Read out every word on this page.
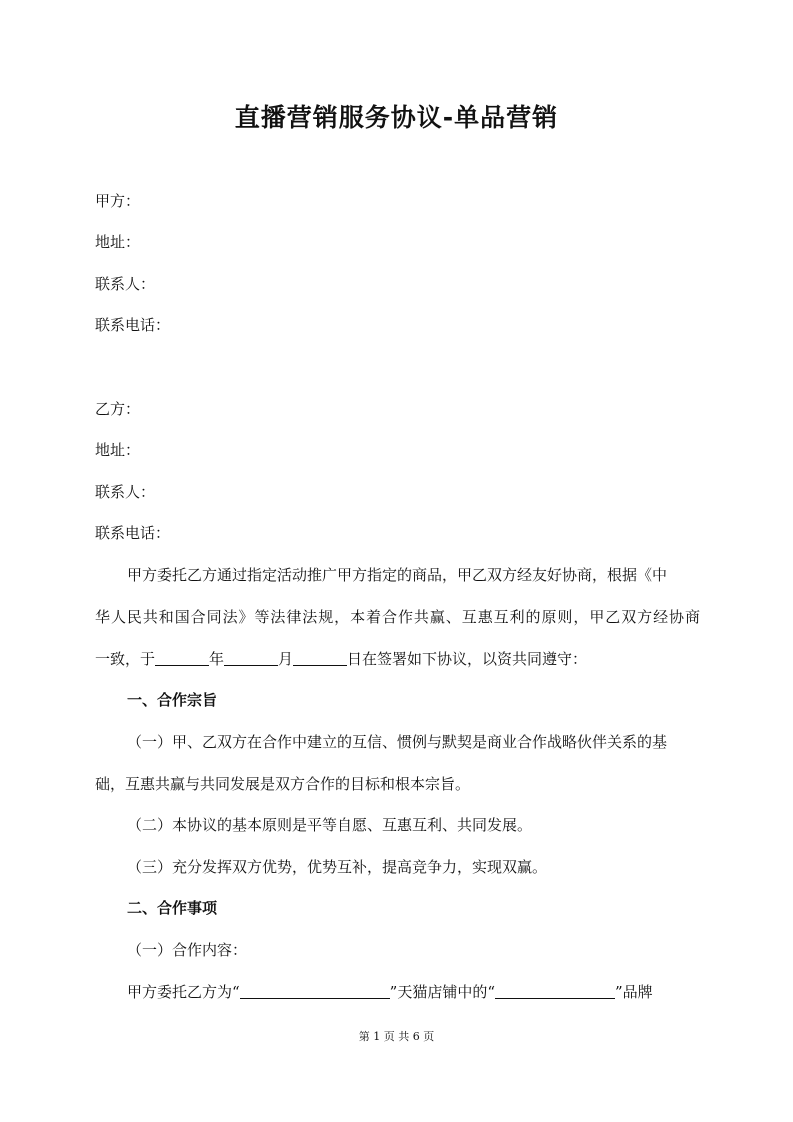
直播营销服务协议-单品营销
甲方：
地址：
联系人：
联系电话：
乙方：
地址：
联系人：
联系电话：
甲方委托乙方通过指定活动推广甲方指定的商品，甲乙双方经友好协商，根据《中
华人民共和国合同法》等法律法规，本着合作共赢、互惠互利的原则，甲乙双方经协商
一致，于	年	月	日在签署如下协议，以资共同遵守：
一、合作宗旨
（一）甲、乙双方在合作中建立的互信、惯例与默契是商业合作战略伙伴关系的基
础，互惠共赢与共同发展是双方合作的目标和根本宗旨。
（二）本协议的基本原则是平等自愿、互惠互利、共同发展。
（三）充分发挥双方优势，优势互补，提高竞争力，实现双赢。
二、合作事项
（一）合作内容：
甲方委托乙方为“	”天猫店铺中的“	”品牌
第 1 页 共 6 页
